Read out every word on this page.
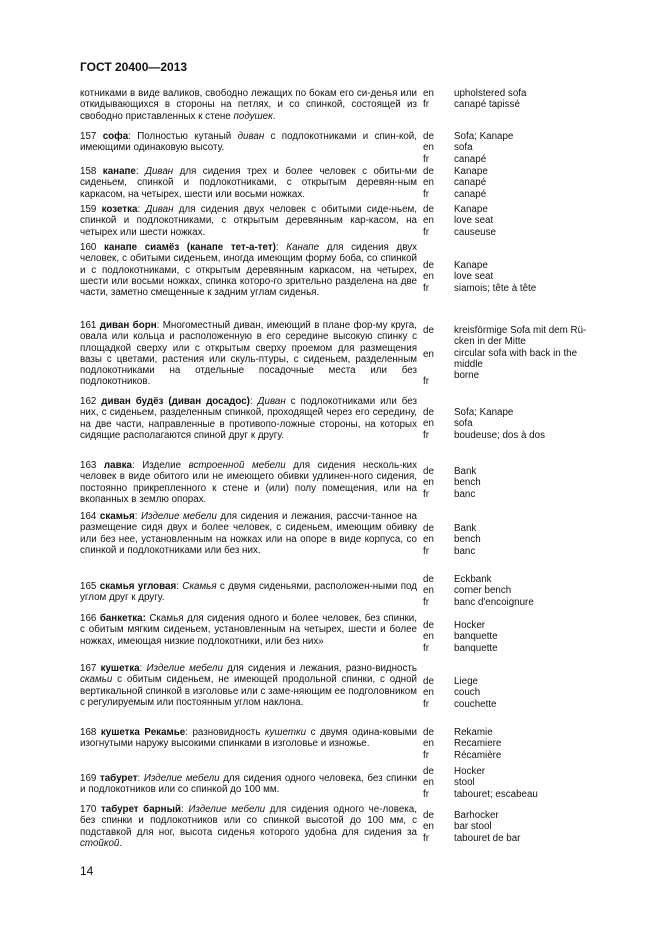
ГОСТ 20400—2013
котниками в виде валиков, свободно лежащих по бокам его си-денья или откидывающихся в стороны на петлях, и со спинкой, состоящей из свободно приставленных к стене подушек.
en
fr
upholstered sofa
canapé tapissé
157 софа: Полностью кутаный диван с подлокотниками и спин-кой, имеющими одинаковую высоту.
de
en
fr
Sofa; Kanape
sofa
canapé
158 канапе: Диван для сидения трех и более человек с обиты-ми сиденьем, спинкой и подлокотниками, с открытым деревян-ным каркасом, на четырех, шести или восьми ножках.
de
en
fr
Kanape
canapé
canapé
159 козетка: Диван для сидения двух человек с обитыми сиде-ньем, спинкой и подлокотниками, с открытым деревянным кар-касом, на четырех или шести ножках.
de
en
fr
Kanape
love seat
causeuse
160 канапе сиамёз (канапе тет-а-тет): Канапе для сидения двух человек, с обитыми сиденьем, иногда имеющим форму боба, со спинкой и с подлокотниками, с открытым деревянным каркасом, на четырех, шести или восьми ножках, спинка которо-го зрительно разделена на две части, заметно смещенные к задним углам сиденья.
de
en
fr
Kanape
love seat
siamois; tête à tête
161 диван борн: Многоместный диван, имеющий в плане фор-му круга, овала или кольца и расположенную в его середине высокую спинку с площадкой сверху или с открытым сверху проемом для размещения вазы с цветами, растения или скуль-птуры, с сиденьем, разделенным подлокотниками на отдельные посадочные места или без подлокотников.
de
en
fr
kreisförmige Sofa mit dem Rü-
cken in der Mitte
circular sofa with back in the
middle
borne
162 диван будёз (диван досадос): Диван с подлокотниками или без них, с сиденьем, разделенным спинкой, проходящей через его середину, на две части, направленные в противопо-ложные стороны, на которых сидящие располагаются спиной друг к другу.
de
en
fr
Sofa; Kanape
sofa
boudeuse; dos à dos
163 лавка: Изделие встроенной мебели для сидения несколь-ких человек в виде обитого или не имеющего обивки удлинен-ного сидения, постоянно прикрепленного к стене и (или) полу помещения, или на вкопанных в землю опорах.
de
en
fr
Bank
bench
banc
164 скамья: Изделие мебели для сидения и лежания, рассчи-танное на размещение сидя двух и более человек, с сиденьем, имеющим обивку или без нее, установленным на ножках или на опоре в виде корпуса, со спинкой и подлокотниками или без них.
de
en
fr
Bank
bench
banc
165 скамья угловая: Скамья с двумя сиденьями, расположен-ными под углом друг к другу.
de
en
fr
Eckbank
corner bench
banc d'encoignure
166 банкетка: Скамья для сидения одного и более человек, без спинки, с обитым мягким сиденьем, установленным на четырех, шести и более ножках, имеющая низкие подлокотники, или без них»
de
en
fr
Hocker
banquette
banquette
167 кушетка: Изделие мебели для сидения и лежания, разно-видность скамьи с обитым сиденьем, не имеющей продольной спинки, с одной вертикальной спинкой в изголовье или с заме-няющим ее подголовником с регулируемым или постоянным углом наклона.
de
en
fr
Liege
couch
couchette
168 кушетка Рекамье: разновидность кушетки с двумя одина-ковыми изогнутыми наружу высокими спинками в изголовье и изножье.
de
en
fr
Rekamie
Recamiere
Récamière
169 табурет: Изделие мебели для сидения одного человека, без спинки и подлокотников или со спинкой до 100 мм.
de
en
fr
Hocker
stool
tabouret; escabeau
170 табурет барный: Изделие мебели для сидения одного че-ловека, без спинки и подлокотников или со спинкой высотой до 100 мм, с подставкой для ног, высота сиденья которого удобна для сидения за стойкой.
de
en
fr
Barhocker
bar stool
tabouret de bar
14
